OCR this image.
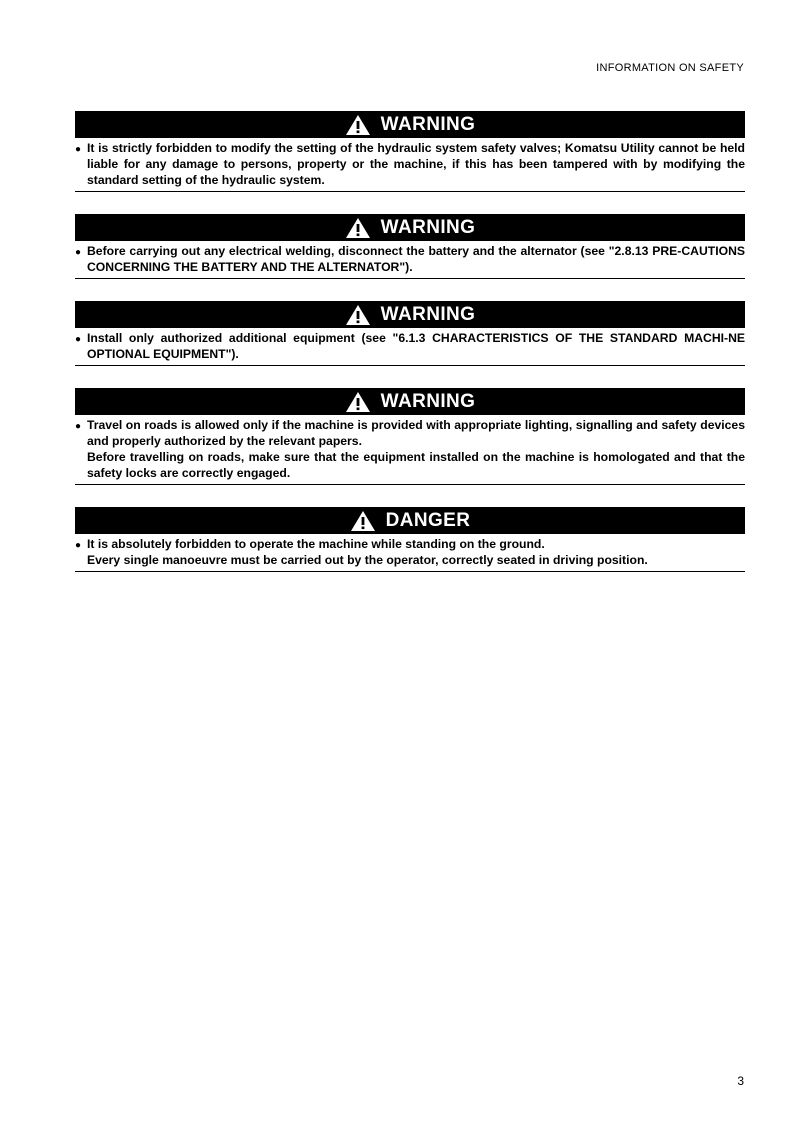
INFORMATION ON SAFETY
WARNING
● It is strictly forbidden to modify the setting of the hydraulic system safety valves; Komatsu Utility cannot be held liable for any damage to persons, property or the machine, if this has been tampered with by modifying the standard setting of the hydraulic system.
WARNING
● Before carrying out any electrical welding, disconnect the battery and the alternator (see "2.8.13 PRE-CAUTIONS CONCERNING THE BATTERY AND THE ALTERNATOR").
WARNING
● Install only authorized additional equipment (see "6.1.3 CHARACTERISTICS OF THE STANDARD MACHI-NE OPTIONAL EQUIPMENT").
WARNING
● Travel on roads is allowed only if the machine is provided with appropriate lighting, signalling and safety devices and properly authorized by the relevant papers.
Before travelling on roads, make sure that the equipment installed on the machine is homologated and that the safety locks are correctly engaged.
DANGER
● It is absolutely forbidden to operate the machine while standing on the ground.
Every single manoeuvre must be carried out by the operator, correctly seated in driving position.
3
